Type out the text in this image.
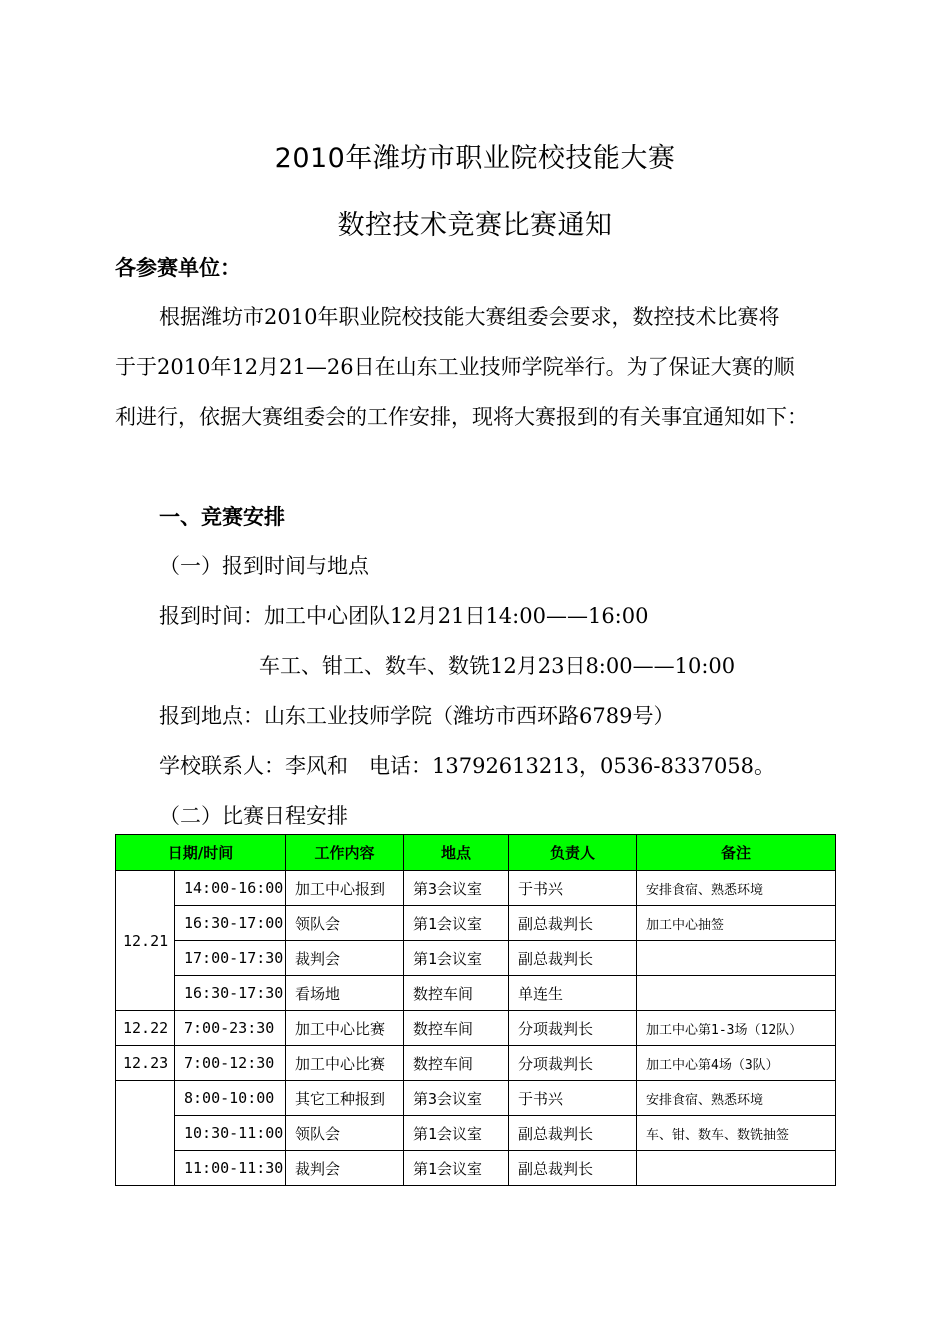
2010年潍坊市职业院校技能大赛
数控技术竞赛比赛通知
各参赛单位：
根据潍坊市2010年职业院校技能大赛组委会要求，数控技术比赛将
于于2010年12月21—26日在山东工业技师学院举行。为了保证大赛的顺
利进行，依据大赛组委会的工作安排，现将大赛报到的有关事宜通知如下：
一、竞赛安排
（一）报到时间与地点
报到时间：加工中心团队12月21日14:00——16:00
车工、钳工、数车、数铣12月23日8:00——10:00
报到地点：山东工业技师学院（潍坊市西环路6789号）
学校联系人：李风和　电话：13792613213，0536-8337058。
（二）比赛日程安排
日期/时间		工作内容	地点	负责人	备注
12.21	14:00-16:00	加工中心报到	第3会议室	于书兴	安排食宿、熟悉环境
	16:30-17:00	领队会	第1会议室	副总裁判长	加工中心抽签
	17:00-17:30	裁判会	第1会议室	副总裁判长	
	16:30-17:30	看场地	数控车间	单连生	
12.22	7:00-23:30	加工中心比赛	数控车间	分项裁判长	加工中心第1-3场（12队）
12.23	7:00-12:30	加工中心比赛	数控车间	分项裁判长	加工中心第4场（3队）
	8:00-10:00	其它工种报到	第3会议室	于书兴	安排食宿、熟悉环境
	10:30-11:00	领队会	第1会议室	副总裁判长	车、钳、数车、数铣抽签
	11:00-11:30	裁判会	第1会议室	副总裁判长	
